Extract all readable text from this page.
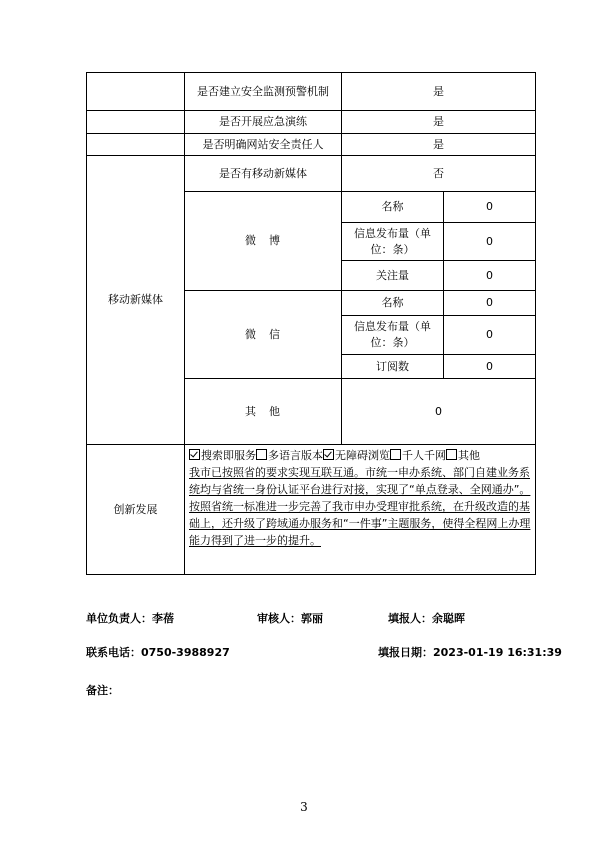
	是否建立安全监测预警机制	是	
	是否开展应急演练	是	
	是否明确网站安全责任人	是	
移动新媒体	是否有移动新媒体	否	
	微　博	名称	0
		信息发布量（单位：条）	0
		关注量	0
	微　信	名称	0
		信息发布量（单位：条）	0
		订阅数	0
	其　他	0	
创新发展	搜索即服务 多语言版本 无障碍浏览 千人千网 其他
我市已按照省的要求实现互联互通。市统一申办系统、部门自建业务系统均与省统一身份认证平台进行对接，实现了“单点登录、全网通办”。按照省统一标准进一步完善了我市申办受理审批系统，在升级改造的基础上，还升级了跨域通办服务和“一件事”主题服务，使得全程网上办理能力得到了进一步的提升。		
单位负责人：李蓓	审核人：郭丽	填报人：余聪晖
联系电话：0750-3988927	填报日期：2023-01-19 16:31:39
备注：
3
